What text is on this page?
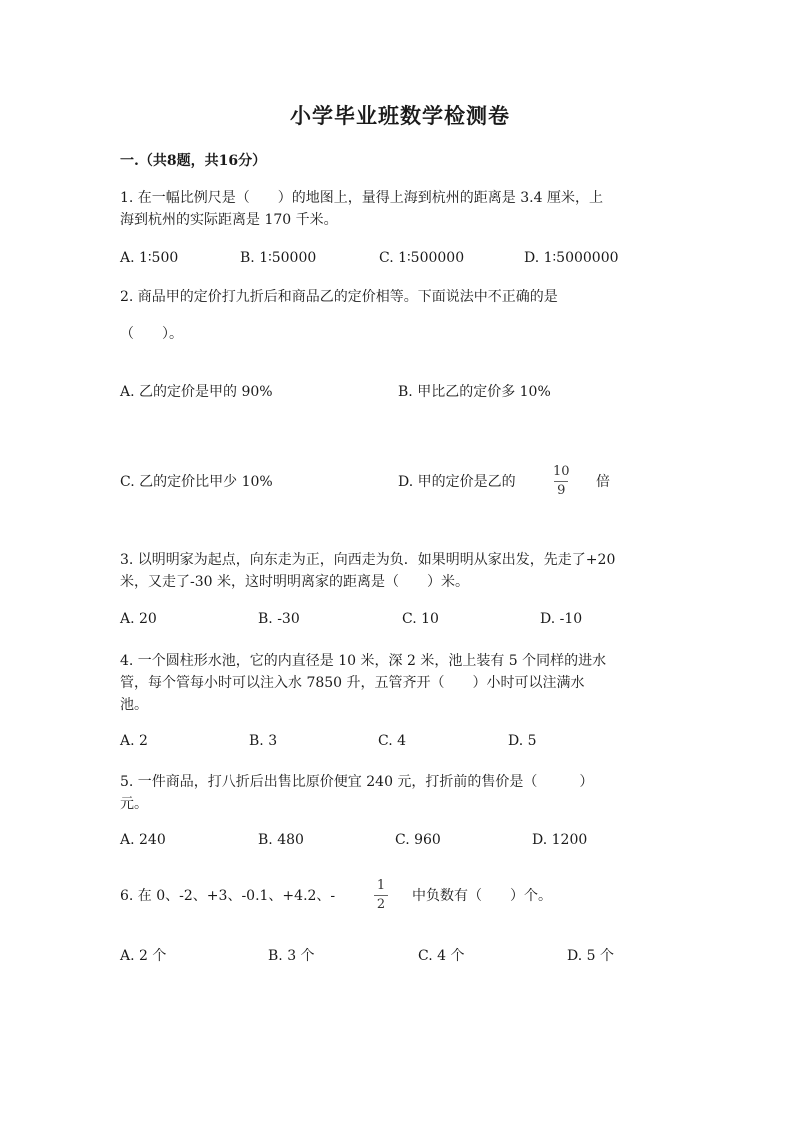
小学毕业班数学检测卷
一.（共8题，共16分）
1. 在一幅比例尺是（　　）的地图上，量得上海到杭州的距离是 3.4 厘米，上
海到杭州的实际距离是 170 千米。
A. 1∶500	B. 1∶50000	C. 1∶500000	D. 1∶5000000
2. 商品甲的定价打九折后和商品乙的定价相等。下面说法中不正确的是
（　　）。
A. 乙的定价是甲的 90%	B. 甲比乙的定价多 10%
C. 乙的定价比甲少 10%	D. 甲的定价是乙的
10
9
倍
3. 以明明家为起点，向东走为正，向西走为负．如果明明从家出发，先走了+20
米，又走了-30 米，这时明明离家的距离是（　　）米。
A. 20	B. -30	C. 10	D. -10
4. 一个圆柱形水池，它的内直径是 10 米，深 2 米，池上装有 5 个同样的进水
管，每个管每小时可以注入水 7850 升，五管齐开（　　）小时可以注满水
池。
A. 2	B. 3	C. 4	D. 5
5. 一件商品，打八折后出售比原价便宜 240 元，打折前的售价是（　　　）
元。
A. 240	B. 480	C. 960	D. 1200
6. 在 0、-2、+3、-0.1、+4.2、-
1
2
中负数有（　　）个。
A. 2 个	B. 3 个	C. 4 个	D. 5 个
